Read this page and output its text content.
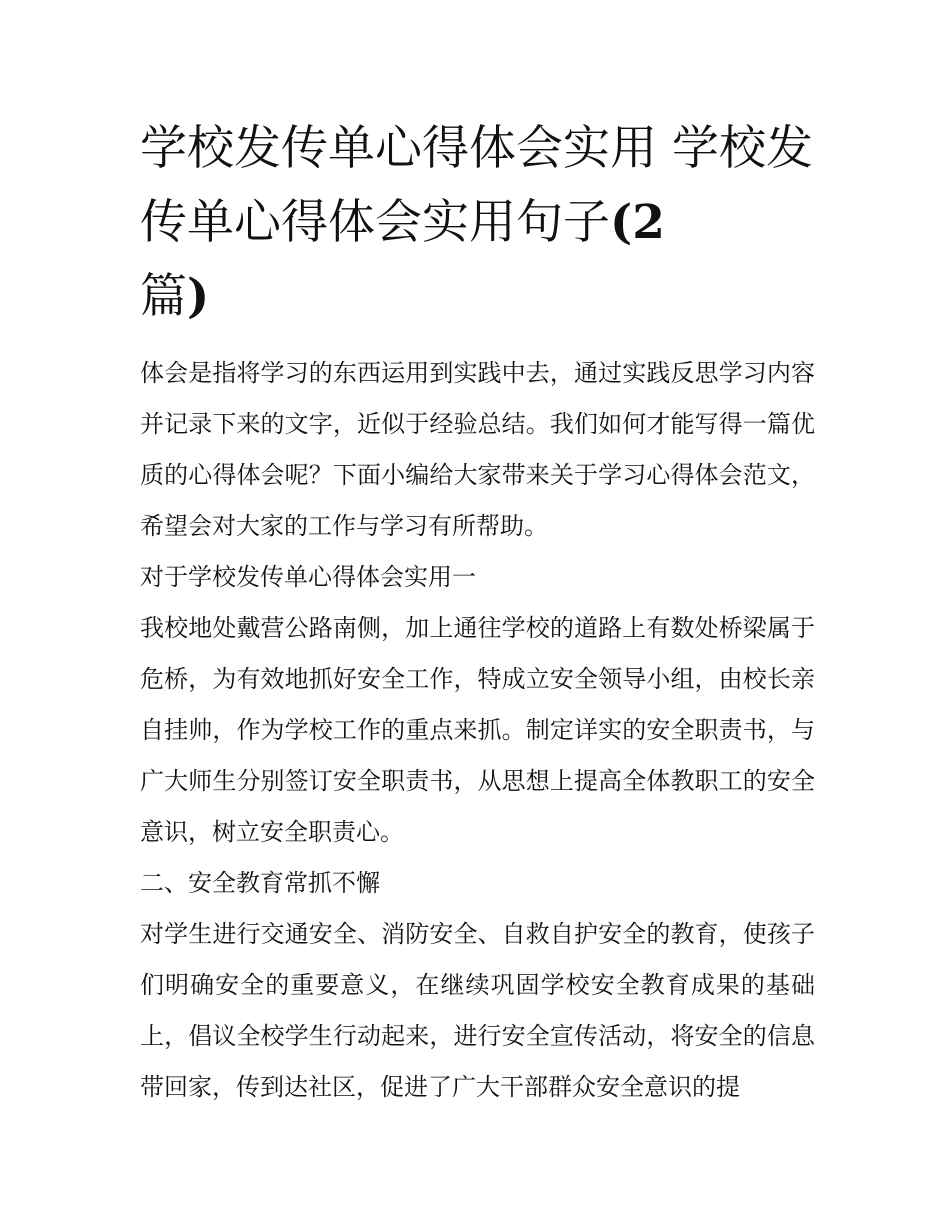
学校发传单心得体会实用 学校发传单心得体会实用句子(2
篇)

体会是指将学习的东西运用到实践中去，通过实践反思学习内容并记录下来的文字，近似于经验总结。我们如何才能写得一篇优质的心得体会呢？下面小编给大家带来关于学习心得体会范文，希望会对大家的工作与学习有所帮助。

对于学校发传单心得体会实用一

我校地处戴营公路南侧，加上通往学校的道路上有数处桥梁属于危桥，为有效地抓好安全工作，特成立安全领导小组，由校长亲自挂帅，作为学校工作的重点来抓。制定详实的安全职责书，与广大师生分别签订安全职责书，从思想上提高全体教职工的安全意识，树立安全职责心。

二、安全教育常抓不懈

对学生进行交通安全、消防安全、自救自护安全的教育，使孩子们明确安全的重要意义，在继续巩固学校安全教育成果的基础上，倡议全校学生行动起来，进行安全宣传活动，将安全的信息带回家，传到达社区，促进了广大干部群众安全意识的提
